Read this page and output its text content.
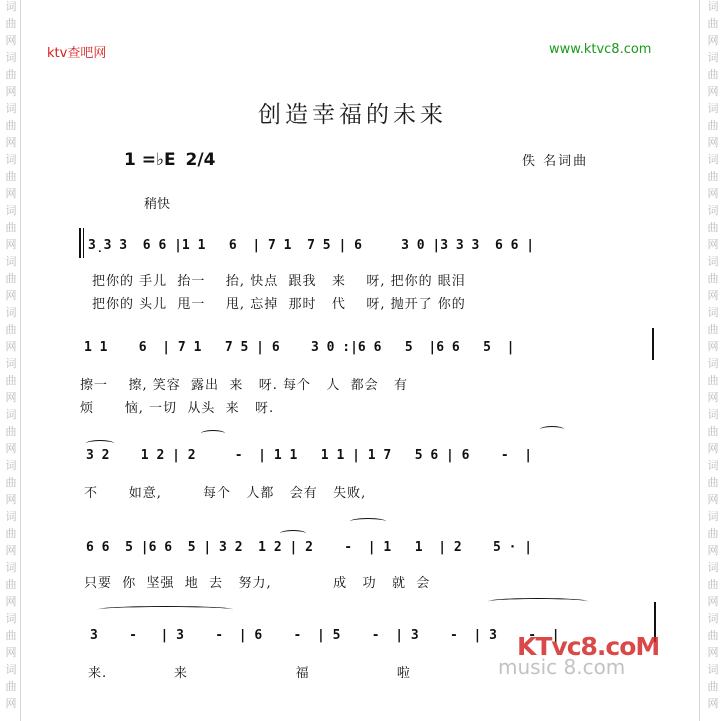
词
曲
网
词
曲
网
词
曲
网
词
曲
网
词
曲
网
词
曲
网
词
曲
网
词
曲
网
词
曲
网
词
曲
网
词
曲
网
词
曲
网
词
曲
网
词
曲
网
词
曲
网
词
曲
网
词
曲
网
词
曲
网
词
曲
网
词
曲
网
词
曲
网
词
曲
网
词
曲
网
词
曲
网
词
曲
网
词
曲
网
词
曲
网
词
曲
网
ktv查吧网	www.ktvc8.com
创造幸福的未来
1 =♭E 2/4	佚 名词曲
稍快
3̣3 3  6 6 |1 1   6  | 7 1  7 5 | 6     3 0 |3 3 3  6 6 |
把你的 手儿  抬一    抬, 快点  跟我   来    呀, 把你的 眼泪
把你的 头儿  甩一    甩, 忘掉  那时   代    呀, 抛开了 你的
1 1    6  | 7 1   7 5 | 6    3 0 :|6 6   5  |6 6   5  |
擦一    擦, 笑容  露出  来   呀. 每个   人  都会   有
烦      恼, 一切  从头  来   呀.
3 2    1 2 | 2     -  | 1 1   1 1 | 1 7   5 6 | 6    -  |
不      如意,        每个   人都   会有   失败,
6 6  5 |6 6  5 | 3 2  1 2 | 2    -  | 1   1  | 2    5 · |
只要  你  坚强  地  去   努力,            成   功   就  会
3    -   | 3    -  | 6    -  | 5    -  | 3    -  | 3    -  |
来.             来                     福                 啦	music 8.com
KTvc8.coM
